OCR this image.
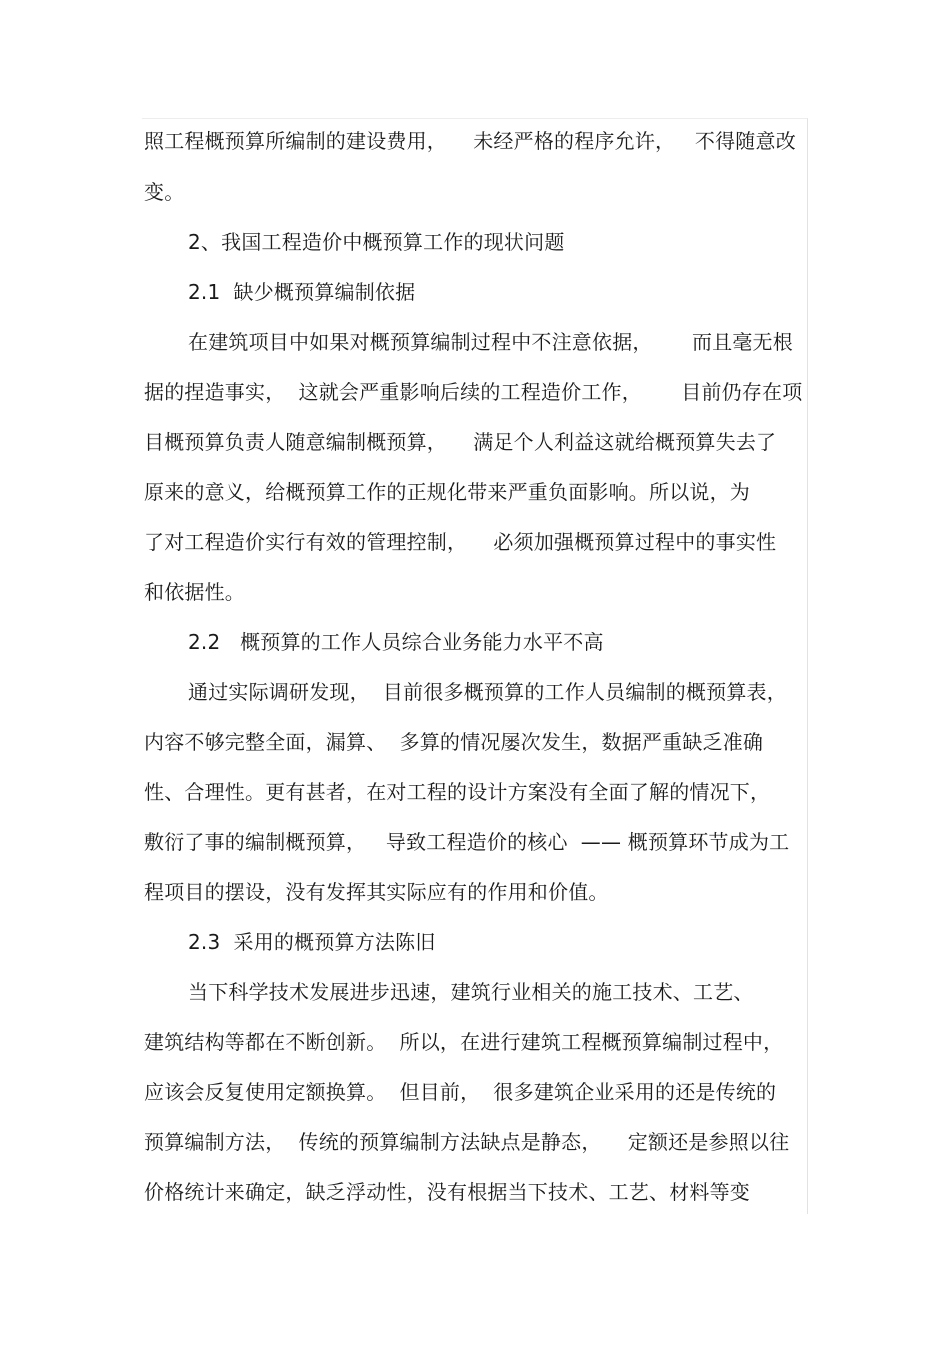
照工程概预算所编制的建设费用，    未经严格的程序允许，   不得随意改
变。
2、我国工程造价中概预算工作的现状问题
2.1  缺少概预算编制依据
在建筑项目中如果对概预算编制过程中不注意依据，      而且毫无根
据的捏造事实，  这就会严重影响后续的工程造价工作，      目前仍存在项
目概预算负责人随意编制概预算，    满足个人利益这就给概预算失去了
原来的意义，给概预算工作的正规化带来严重负面影响。所以说，为
了对工程造价实行有效的管理控制，    必须加强概预算过程中的事实性
和依据性。
2.2   概预算的工作人员综合业务能力水平不高
通过实际调研发现，  目前很多概预算的工作人员编制的概预算表，
内容不够完整全面，漏算、  多算的情况屡次发生，数据严重缺乏准确
性、合理性。更有甚者，在对工程的设计方案没有全面了解的情况下，
敷衍了事的编制概预算，   导致工程造价的核心  —— 概预算环节成为工
程项目的摆设，没有发挥其实际应有的作用和价值。
2.3  采用的概预算方法陈旧
当下科学技术发展进步迅速，建筑行业相关的施工技术、工艺、
建筑结构等都在不断创新。  所以，在进行建筑工程概预算编制过程中，
应该会反复使用定额换算。  但目前，  很多建筑企业采用的还是传统的
预算编制方法，  传统的预算编制方法缺点是静态，    定额还是参照以往
价格统计来确定，缺乏浮动性，没有根据当下技术、工艺、材料等变
